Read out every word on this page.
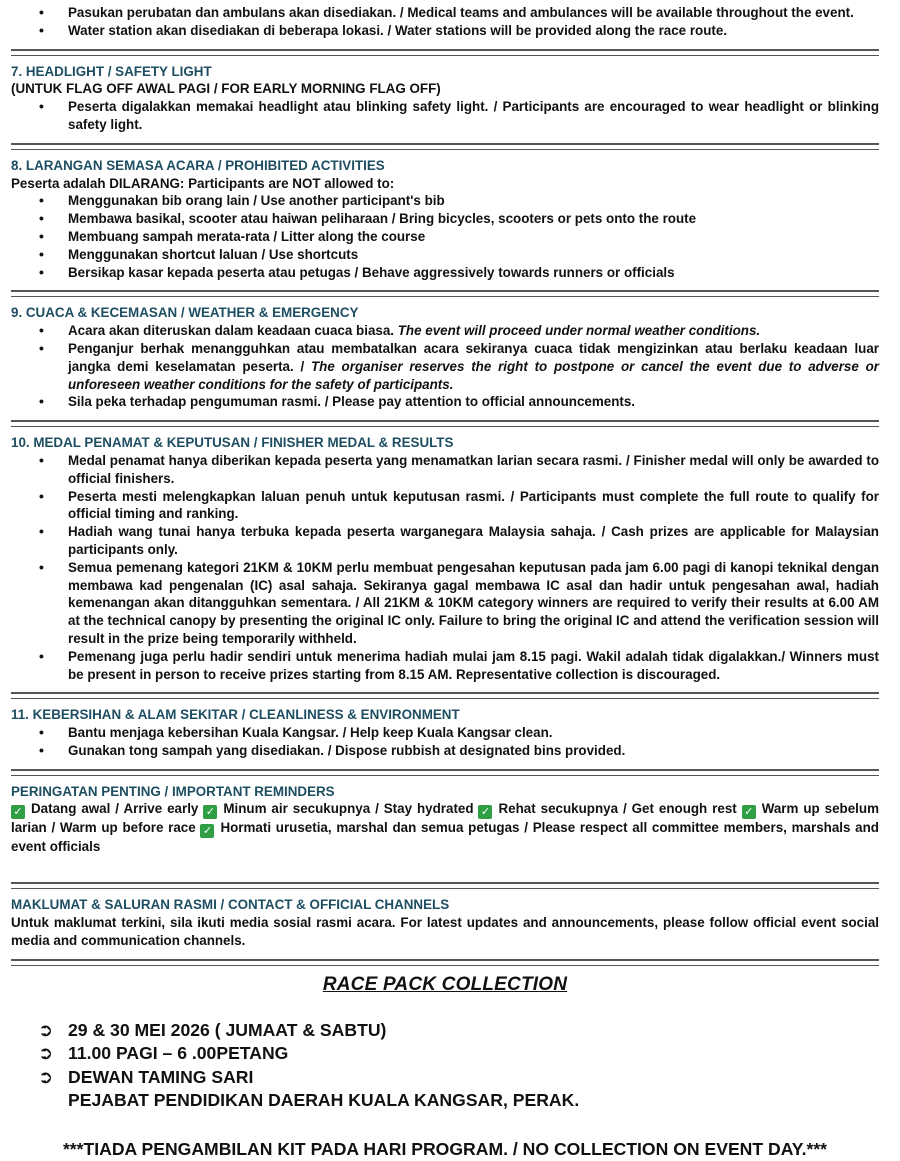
• Pasukan perubatan dan ambulans akan disediakan. / Medical teams and ambulances will be available throughout the event.
• Water station akan disediakan di beberapa lokasi. / Water stations will be provided along the race route.
7. HEADLIGHT / SAFETY LIGHT
(UNTUK FLAG OFF AWAL PAGI / FOR EARLY MORNING FLAG OFF)
• Peserta digalakkan memakai headlight atau blinking safety light. / Participants are encouraged to wear headlight or blinking safety light.
8. LARANGAN SEMASA ACARA / PROHIBITED ACTIVITIES
Peserta adalah DILARANG: Participants are NOT allowed to:
• Menggunakan bib orang lain / Use another participant's bib
• Membawa basikal, scooter atau haiwan peliharaan / Bring bicycles, scooters or pets onto the route
• Membuang sampah merata-rata / Litter along the course
• Menggunakan shortcut laluan / Use shortcuts
• Bersikap kasar kepada peserta atau petugas / Behave aggressively towards runners or officials
9. CUACA & KECEMASAN / WEATHER & EMERGENCY
• Acara akan diteruskan dalam keadaan cuaca biasa. The event will proceed under normal weather conditions.
• Penganjur berhak menangguhkan atau membatalkan acara sekiranya cuaca tidak mengizinkan atau berlaku keadaan luar jangka demi keselamatan peserta. / The organiser reserves the right to postpone or cancel the event due to adverse or unforeseen weather conditions for the safety of participants.
• Sila peka terhadap pengumuman rasmi. / Please pay attention to official announcements.
10. MEDAL PENAMAT & KEPUTUSAN / FINISHER MEDAL & RESULTS
• Medal penamat hanya diberikan kepada peserta yang menamatkan larian secara rasmi. / Finisher medal will only be awarded to official finishers.
• Peserta mesti melengkapkan laluan penuh untuk keputusan rasmi. / Participants must complete the full route to qualify for official timing and ranking.
• Hadiah wang tunai hanya terbuka kepada peserta warganegara Malaysia sahaja. / Cash prizes are applicable for Malaysian participants only.
• Semua pemenang kategori 21KM & 10KM perlu membuat pengesahan keputusan pada jam 6.00 pagi di kanopi teknikal dengan membawa kad pengenalan (IC) asal sahaja. Sekiranya gagal membawa IC asal dan hadir untuk pengesahan awal, hadiah kemenangan akan ditangguhkan sementara. / All 21KM & 10KM category winners are required to verify their results at 6.00 AM at the technical canopy by presenting the original IC only. Failure to bring the original IC and attend the verification session will result in the prize being temporarily withheld.
• Pemenang juga perlu hadir sendiri untuk menerima hadiah mulai jam 8.15 pagi. Wakil adalah tidak digalakkan./ Winners must be present in person to receive prizes starting from 8.15 AM. Representative collection is discouraged.
11. KEBERSIHAN & ALAM SEKITAR / CLEANLINESS & ENVIRONMENT
• Bantu menjaga kebersihan Kuala Kangsar. / Help keep Kuala Kangsar clean.
• Gunakan tong sampah yang disediakan. / Dispose rubbish at designated bins provided.
PERINGATAN PENTING / IMPORTANT REMINDERS
✓ Datang awal / Arrive early ✓ Minum air secukupnya / Stay hydrated ✓ Rehat secukupnya / Get enough rest ✓ Warm up sebelum larian / Warm up before race ✓ Hormati urusetia, marshal dan semua petugas / Please respect all committee members, marshals and event officials
MAKLUMAT & SALURAN RASMI / CONTACT & OFFICIAL CHANNELS
Untuk maklumat terkini, sila ikuti media sosial rasmi acara. For latest updates and announcements, please follow official event social media and communication channels.
RACE PACK COLLECTION
➲ 29 & 30 MEI 2026 ( JUMAAT & SABTU)
➲ 11.00 PAGI – 6 .00PETANG
➲ DEWAN TAMING SARI
PEJABAT PENDIDIKAN DAERAH KUALA KANGSAR, PERAK.
***TIADA PENGAMBILAN KIT PADA HARI PROGRAM. / NO COLLECTION ON EVENT DAY.***
